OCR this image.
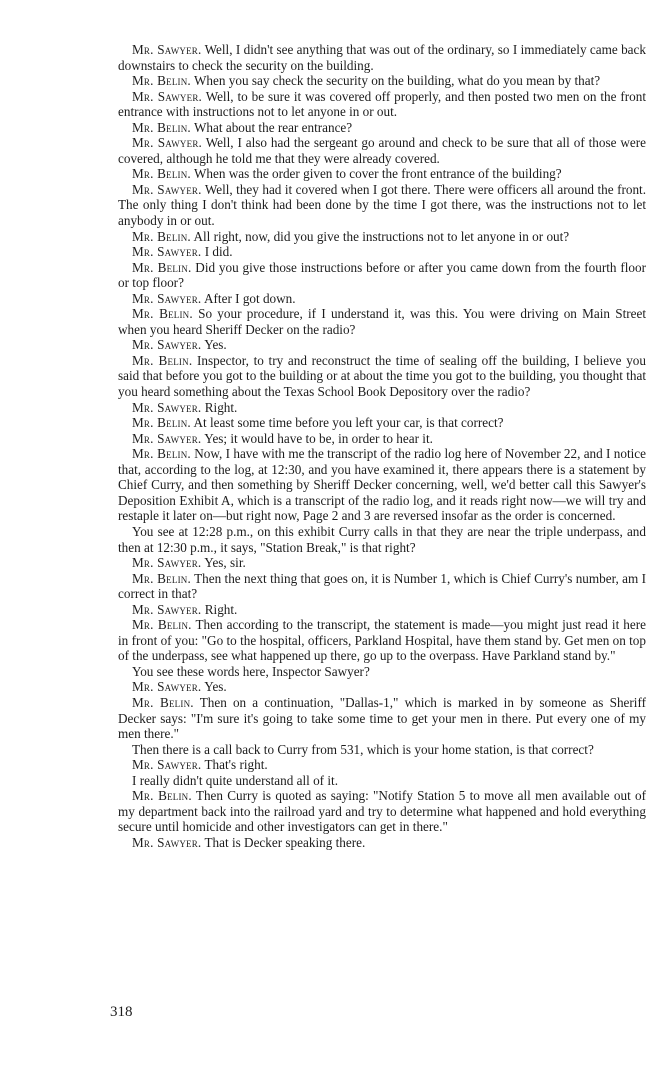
Mr. Sawyer. Well, I didn't see anything that was out of the ordinary, so I immediately came back downstairs to check the security on the building.

Mr. Belin. When you say check the security on the building, what do you mean by that?

Mr. Sawyer. Well, to be sure it was covered off properly, and then posted two men on the front entrance with instructions not to let anyone in or out.

Mr. Belin. What about the rear entrance?

Mr. Sawyer. Well, I also had the sergeant go around and check to be sure that all of those were covered, although he told me that they were already covered.

Mr. Belin. When was the order given to cover the front entrance of the building?

Mr. Sawyer. Well, they had it covered when I got there. There were officers all around the front. The only thing I don't think had been done by the time I got there, was the instructions not to let anybody in or out.

Mr. Belin. All right, now, did you give the instructions not to let anyone in or out?

Mr. Sawyer. I did.

Mr. Belin. Did you give those instructions before or after you came down from the fourth floor or top floor?

Mr. Sawyer. After I got down.

Mr. Belin. So your procedure, if I understand it, was this. You were driving on Main Street when you heard Sheriff Decker on the radio?

Mr. Sawyer. Yes.

Mr. Belin. Inspector, to try and reconstruct the time of sealing off the building, I believe you said that before you got to the building or at about the time you got to the building, you thought that you heard something about the Texas School Book Depository over the radio?

Mr. Sawyer. Right.

Mr. Belin. At least some time before you left your car, is that correct?

Mr. Sawyer. Yes; it would have to be, in order to hear it.

Mr. Belin. Now, I have with me the transcript of the radio log here of November 22, and I notice that, according to the log, at 12:30, and you have examined it, there appears there is a statement by Chief Curry, and then something by Sheriff Decker concerning, well, we'd better call this Sawyer's Deposition Exhibit A, which is a transcript of the radio log, and it reads right now—we will try and restaple it later on—but right now, Page 2 and 3 are reversed insofar as the order is concerned.

You see at 12:28 p.m., on this exhibit Curry calls in that they are near the triple underpass, and then at 12:30 p.m., it says, "Station Break," is that right?

Mr. Sawyer. Yes, sir.

Mr. Belin. Then the next thing that goes on, it is Number 1, which is Chief Curry's number, am I correct in that?

Mr. Sawyer. Right.

Mr. Belin. Then according to the transcript, the statement is made—you might just read it here in front of you: "Go to the hospital, officers, Parkland Hospital, have them stand by. Get men on top of the underpass, see what happened up there, go up to the overpass. Have Parkland stand by."

You see these words here, Inspector Sawyer?

Mr. Sawyer. Yes.

Mr. Belin. Then on a continuation, "Dallas-1," which is marked in by someone as Sheriff Decker says: "I'm sure it's going to take some time to get your men in there. Put every one of my men there."

Then there is a call back to Curry from 531, which is your home station, is that correct?

Mr. Sawyer. That's right.

I really didn't quite understand all of it.

Mr. Belin. Then Curry is quoted as saying: "Notify Station 5 to move all men available out of my department back into the railroad yard and try to determine what happened and hold everything secure until homicide and other investigators can get in there."

Mr. Sawyer. That is Decker speaking there.

318
